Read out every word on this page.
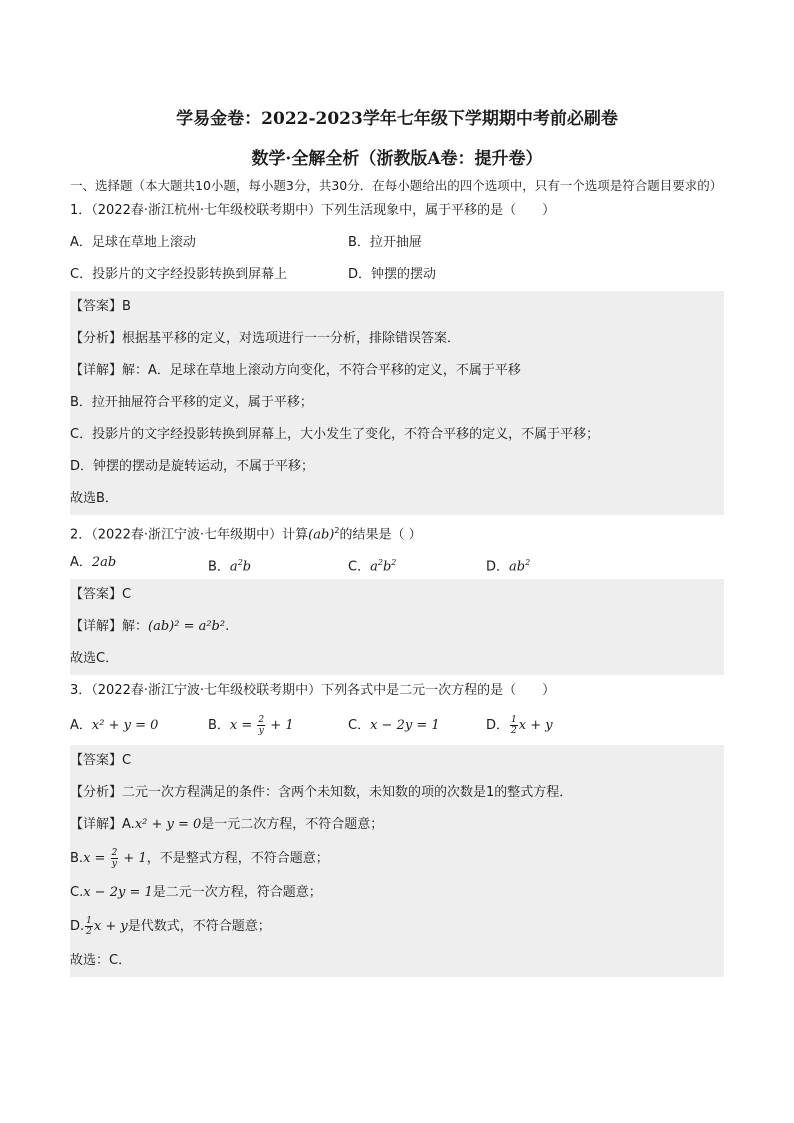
学易金卷：2022-2023学年七年级下学期期中考前必刷卷
数学·全解全析（浙教版A卷：提升卷）
一、选择题（本大题共10小题，每小题3分，共30分．在每小题给出的四个选项中，只有一个选项是符合题目要求的）
1．（2022春·浙江杭州·七年级校联考期中）下列生活现象中，属于平移的是（　　）
A．足球在草地上滚动	B．拉开抽屉
C．投影片的文字经投影转换到屏幕上	D．钟摆的摆动
【答案】B
【分析】根据基平移的定义，对选项进行一一分析，排除错误答案．
【详解】解：A．足球在草地上滚动方向变化，不符合平移的定义，不属于平移
B．拉开抽屉符合平移的定义，属于平移；
C．投影片的文字经投影转换到屏幕上，大小发生了变化，不符合平移的定义，不属于平移；
D．钟摆的摆动是旋转运动，不属于平移；
故选B．
2．（2022春·浙江宁波·七年级期中）计算(ab)$^2$的结果是（ ）
A．2ab	B．$a^2b$	C．$a^2b^2$	D．$ab^2$
【答案】C
【详解】解：(ab)² = a²b².
故选C．
3．（2022春·浙江宁波·七年级校联考期中）下列各式中是二元一次方程的是（　　）
A．x² + y = 0	B．$x = \frac{2}{y} + 1$	C．x − 2y = 1	D． $\frac{1}{2}$ x + y
【答案】C
【分析】二元一次方程满足的条件：含两个未知数，未知数的项的次数是1的整式方程．
【详解】A.x² + y = 0是一元二次方程，不符合题意；
$B.x = \frac{2}{y} + 1$，不是整式方程，不符合题意；
C.x − 2y = 1是二元一次方程，符合题意；
D. $\frac{1}{2}$ x + y是代数式，不符合题意；
故选：C．
